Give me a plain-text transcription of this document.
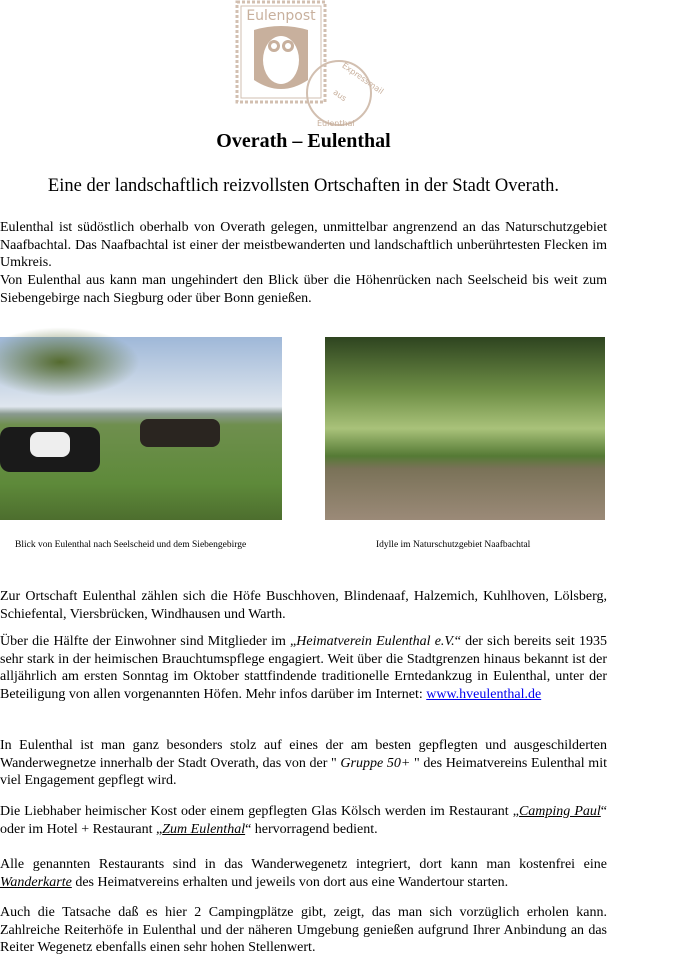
Eulenpost
Expressmail
aus
Eulenthal
Overath – Eulenthal
Eine der landschaftlich reizvollsten Ortschaften in der Stadt Overath.

Eulenthal ist südöstlich oberhalb von Overath gelegen, unmittelbar angrenzend an das Naturschutzgebiet Naafbachtal. Das Naafbachtal ist einer der meistbewanderten und landschaftlich unberührtesten Flecken im Umkreis.

Von Eulenthal aus kann man ungehindert den Blick über die Höhenrücken nach Seelscheid bis weit zum Siebengebirge nach Siegburg oder über Bonn genießen.

Blick von Eulenthal nach Seelscheid und dem Siebengebirge	Idylle im Naturschutzgebiet Naafbachtal

Zur Ortschaft Eulenthal zählen sich die Höfe Buschhoven, Blindenaaf, Halzemich, Kuhlhoven, Lölsberg, Schiefental, Viersbrücken, Windhausen und Warth.

Über die Hälfte der Einwohner sind Mitglieder im „Heimatverein Eulenthal e.V.“ der sich bereits seit 1935 sehr stark in der heimischen Brauchtumspflege engagiert. Weit über die Stadtgrenzen hinaus bekannt ist der alljährlich am ersten Sonntag im Oktober stattfindende traditionelle Erntedankzug in Eulenthal, unter der Beteiligung von allen vorgenannten Höfen. Mehr infos darüber im Internet: www.hveulenthal.de

In Eulenthal ist man ganz besonders stolz auf eines der am besten gepflegten und ausgeschilderten Wanderwegnetze innerhalb der Stadt Overath, das von der " Gruppe 50+ " des Heimatvereins Eulenthal mit viel Engagement gepflegt wird.

Die Liebhaber heimischer Kost oder einem gepflegten Glas Kölsch werden im Restaurant „Camping Paul“ oder im Hotel + Restaurant „Zum Eulenthal“ hervorragend bedient.

Alle genannten Restaurants sind in das Wanderwegenetz integriert, dort kann man kostenfrei eine Wanderkarte des Heimatvereins erhalten und jeweils von dort aus eine Wandertour starten.

Auch die Tatsache daß es hier 2 Campingplätze gibt, zeigt, das man sich vorzüglich erholen kann. Zahlreiche Reiterhöfe in Eulenthal und der näheren Umgebung genießen aufgrund Ihrer Anbindung an das Reiter Wegenetz ebenfalls einen sehr hohen Stellenwert.
